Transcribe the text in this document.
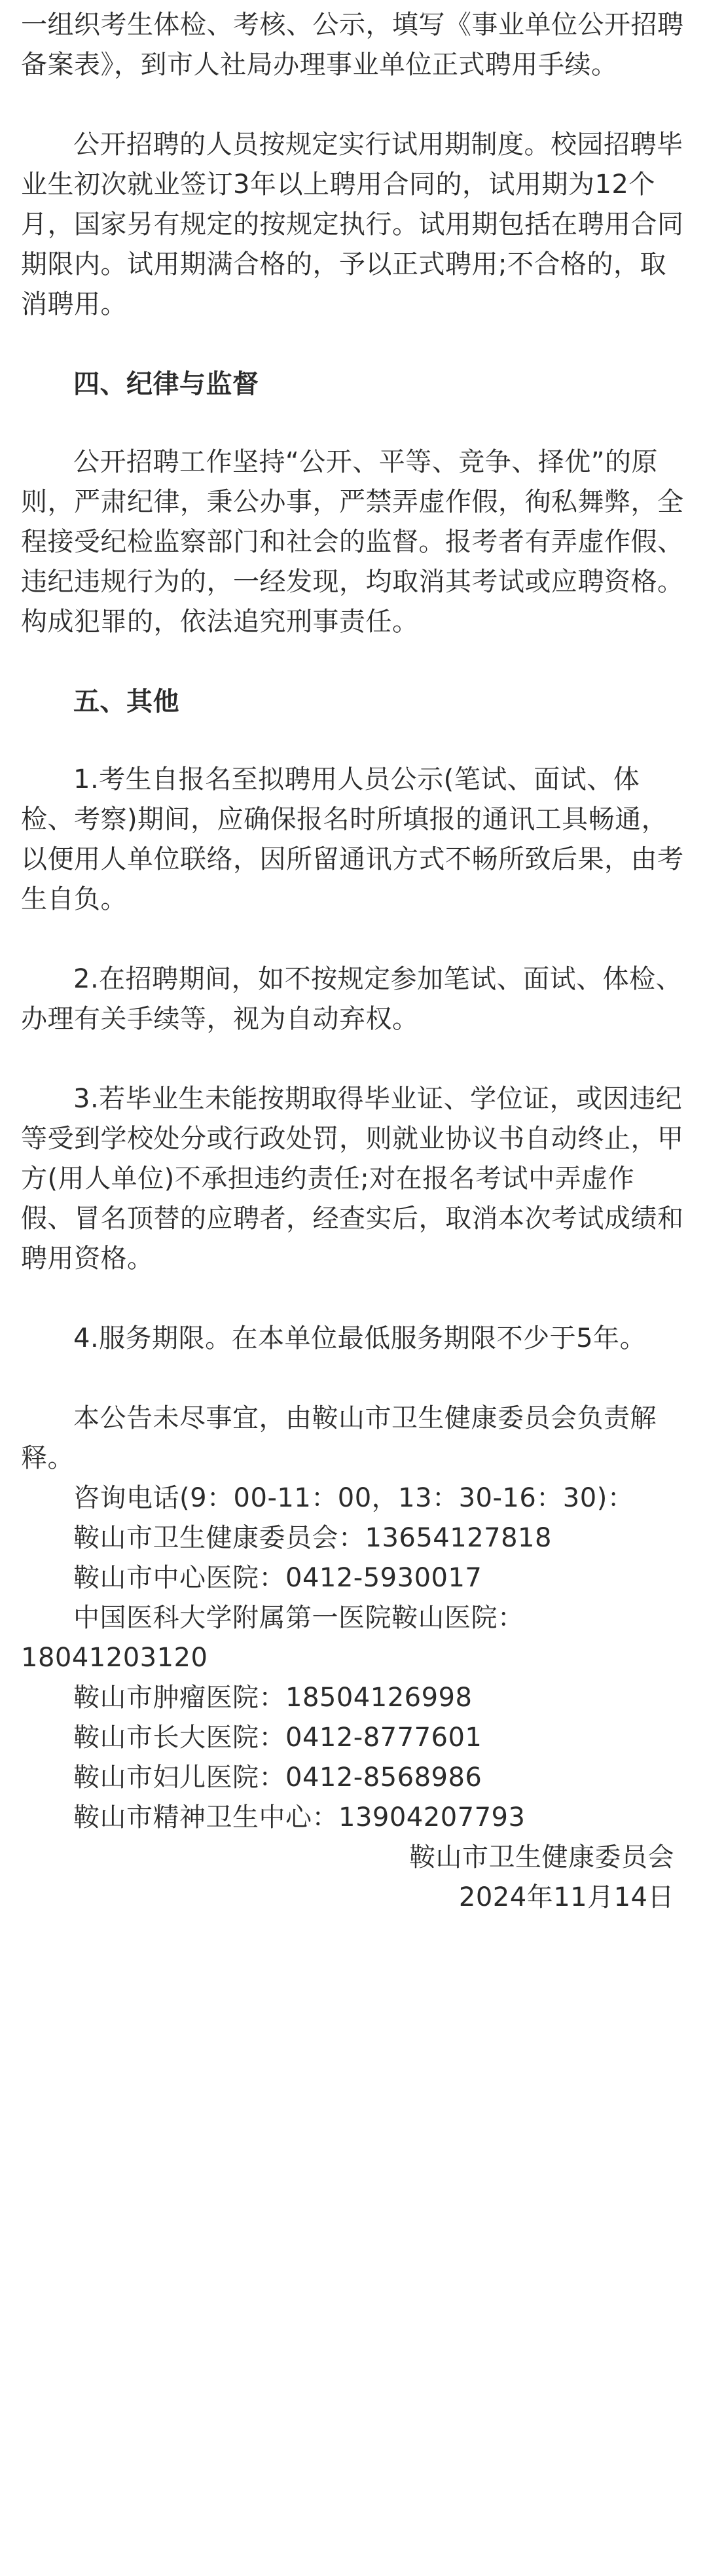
一组织考生体检、考核、公示，填写《事业单位公开招聘备案表》，到市人社局办理事业单位正式聘用手续。

公开招聘的人员按规定实行试用期制度。校园招聘毕业生初次就业签订3年以上聘用合同的，试用期为12个月，国家另有规定的按规定执行。试用期包括在聘用合同期限内。试用期满合格的，予以正式聘用;不合格的，取消聘用。

四、纪律与监督

公开招聘工作坚持“公开、平等、竞争、择优”的原则，严肃纪律，秉公办事，严禁弄虚作假，徇私舞弊，全程接受纪检监察部门和社会的监督。报考者有弄虚作假、违纪违规行为的，一经发现，均取消其考试或应聘资格。构成犯罪的，依法追究刑事责任。

五、其他

1.考生自报名至拟聘用人员公示(笔试、面试、体检、考察)期间，应确保报名时所填报的通讯工具畅通，以便用人单位联络，因所留通讯方式不畅所致后果，由考生自负。

2.在招聘期间，如不按规定参加笔试、面试、体检、办理有关手续等，视为自动弃权。

3.若毕业生未能按期取得毕业证、学位证，或因违纪等受到学校处分或行政处罚，则就业协议书自动终止，甲方(用人单位)不承担违约责任;对在报名考试中弄虚作假、冒名顶替的应聘者，经查实后，取消本次考试成绩和聘用资格。

4.服务期限。在本单位最低服务期限不少于5年。

本公告未尽事宜，由鞍山市卫生健康委员会负责解释。

咨询电话(9：00-11：00，13：30-16：30)：

鞍山市卫生健康委员会：13654127818

鞍山市中心医院：0412-5930017

中国医科大学附属第一医院鞍山医院：

18041203120

鞍山市肿瘤医院：18504126998

鞍山市长大医院：0412-8777601

鞍山市妇儿医院：0412-8568986

鞍山市精神卫生中心：13904207793

鞍山市卫生健康委员会

2024年11月14日
